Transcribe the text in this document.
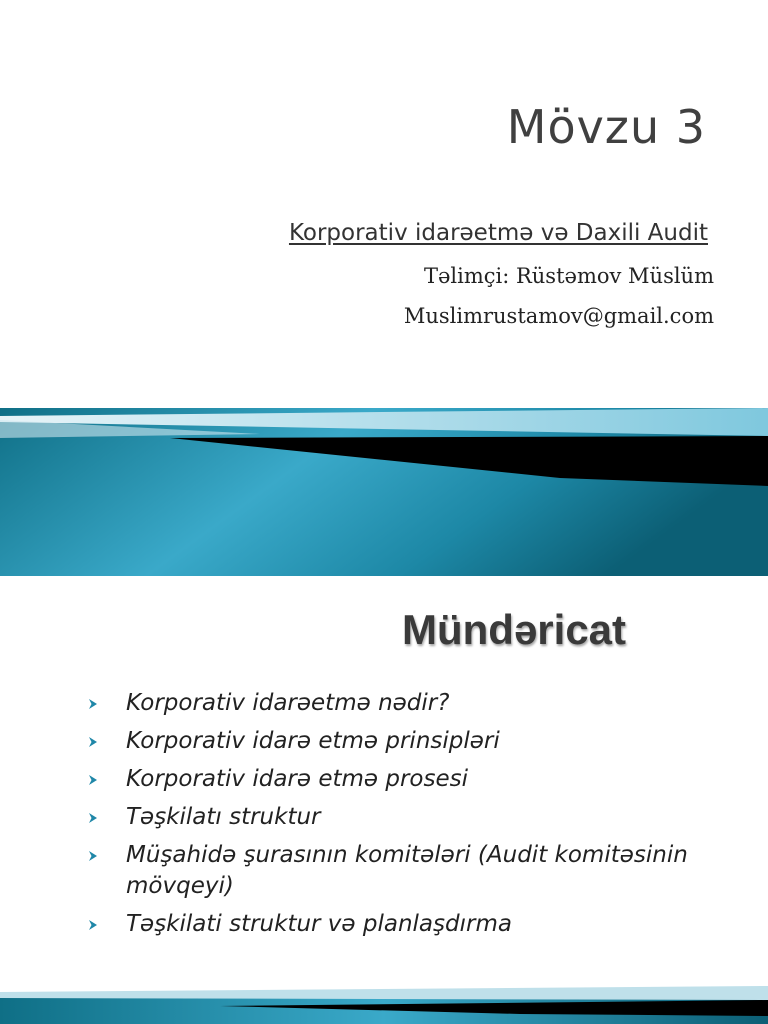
Mövzu 3
Korporativ idarəetmə və Daxili Audit
Təlimçi: Rüstəmov Müslüm
Muslimrustamov@gmail.com
Mündəricat
Korporativ idarəetmə nədir?
Korporativ idarə etmə prinsipləri
Korporativ idarə etmə prosesi
Təşkilatı struktur
Müşahidə şurasının komitələri (Audit komitəsinin mövqeyi)
Təşkilati struktur və planlaşdırma
